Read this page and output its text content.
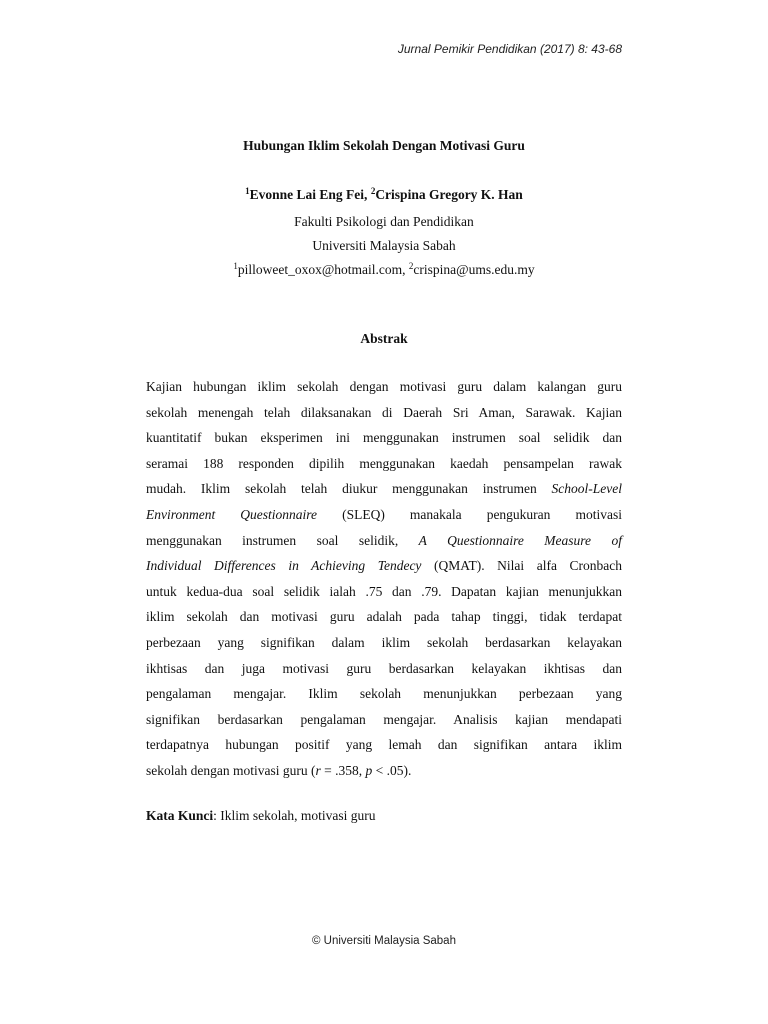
Jurnal Pemikir Pendidikan (2017) 8: 43-68
Hubungan Iklim Sekolah Dengan Motivasi Guru
$^1$Evonne Lai Eng Fei, $^2$Crispina Gregory K. Han
Fakulti Psikologi dan Pendidikan
Universiti Malaysia Sabah
$^1$pilloweet_oxox@hotmail.com, $^2$crispina@ums.edu.my
Abstrak
Kajian hubungan iklim sekolah dengan motivasi guru dalam kalangan guru
sekolah menengah telah dilaksanakan di Daerah Sri Aman, Sarawak. Kajian
kuantitatif bukan eksperimen ini menggunakan instrumen soal selidik dan
seramai 188 responden dipilih menggunakan kaedah pensampelan rawak
mudah. Iklim sekolah telah diukur menggunakan instrumen School-Level
Environment Questionnaire (SLEQ) manakala pengukuran motivasi
menggunakan instrumen soal selidik, A Questionnaire Measure of
Individual Differences in Achieving Tendecy (QMAT). Nilai alfa Cronbach
untuk kedua-dua soal selidik ialah .75 dan .79. Dapatan kajian menunjukkan
iklim sekolah dan motivasi guru adalah pada tahap tinggi, tidak terdapat
perbezaan yang signifikan dalam iklim sekolah berdasarkan kelayakan
ikhtisas dan juga motivasi guru berdasarkan kelayakan ikhtisas dan
pengalaman mengajar. Iklim sekolah menunjukkan perbezaan yang
signifikan berdasarkan pengalaman mengajar. Analisis kajian mendapati
terdapatnya hubungan positif yang lemah dan signifikan antara iklim
sekolah dengan motivasi guru (r = .358, p < .05).
Kata Kunci: Iklim sekolah, motivasi guru
© Universiti Malaysia Sabah
